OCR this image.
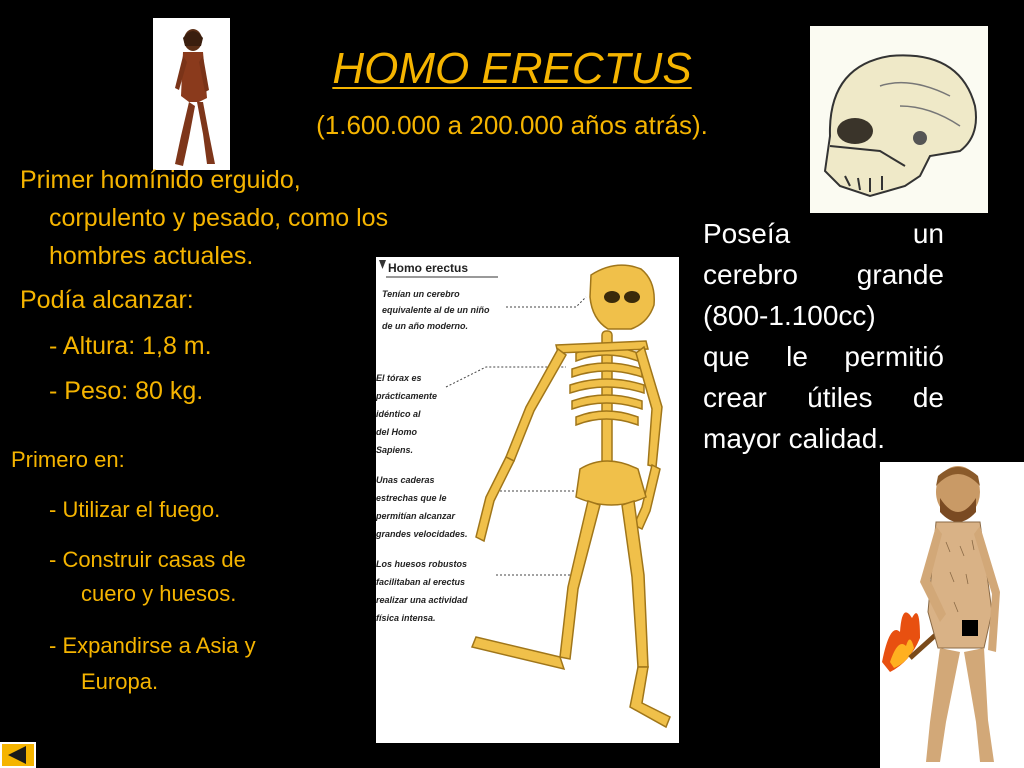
HOMO ERECTUS
(1.600.000 a 200.000 años atrás).
Primer homínido erguido,
corpulento y pesado, como los
hombres actuales.
Podía alcanzar:
- Altura: 1,8 m.
- Peso: 80 kg.
Primero en:
- Utilizar el fuego.
- Construir casas de
cuero y huesos.
- Expandirse a Asia y
Europa.
Homo erectus
Tenían un cerebro
equivalente al de un niño
de un año moderno.
El tórax es
prácticamente
idéntico al
del Homo
Sapiens.
Unas caderas
estrechas que le
permitían alcanzar
grandes velocidades.
Los huesos robustos
facilitaban al erectus
realizar una actividad
física intensa.
Poseía	un
cerebro grande
(800-1.100cc)
que le permitió
crear útiles de
mayor calidad.
